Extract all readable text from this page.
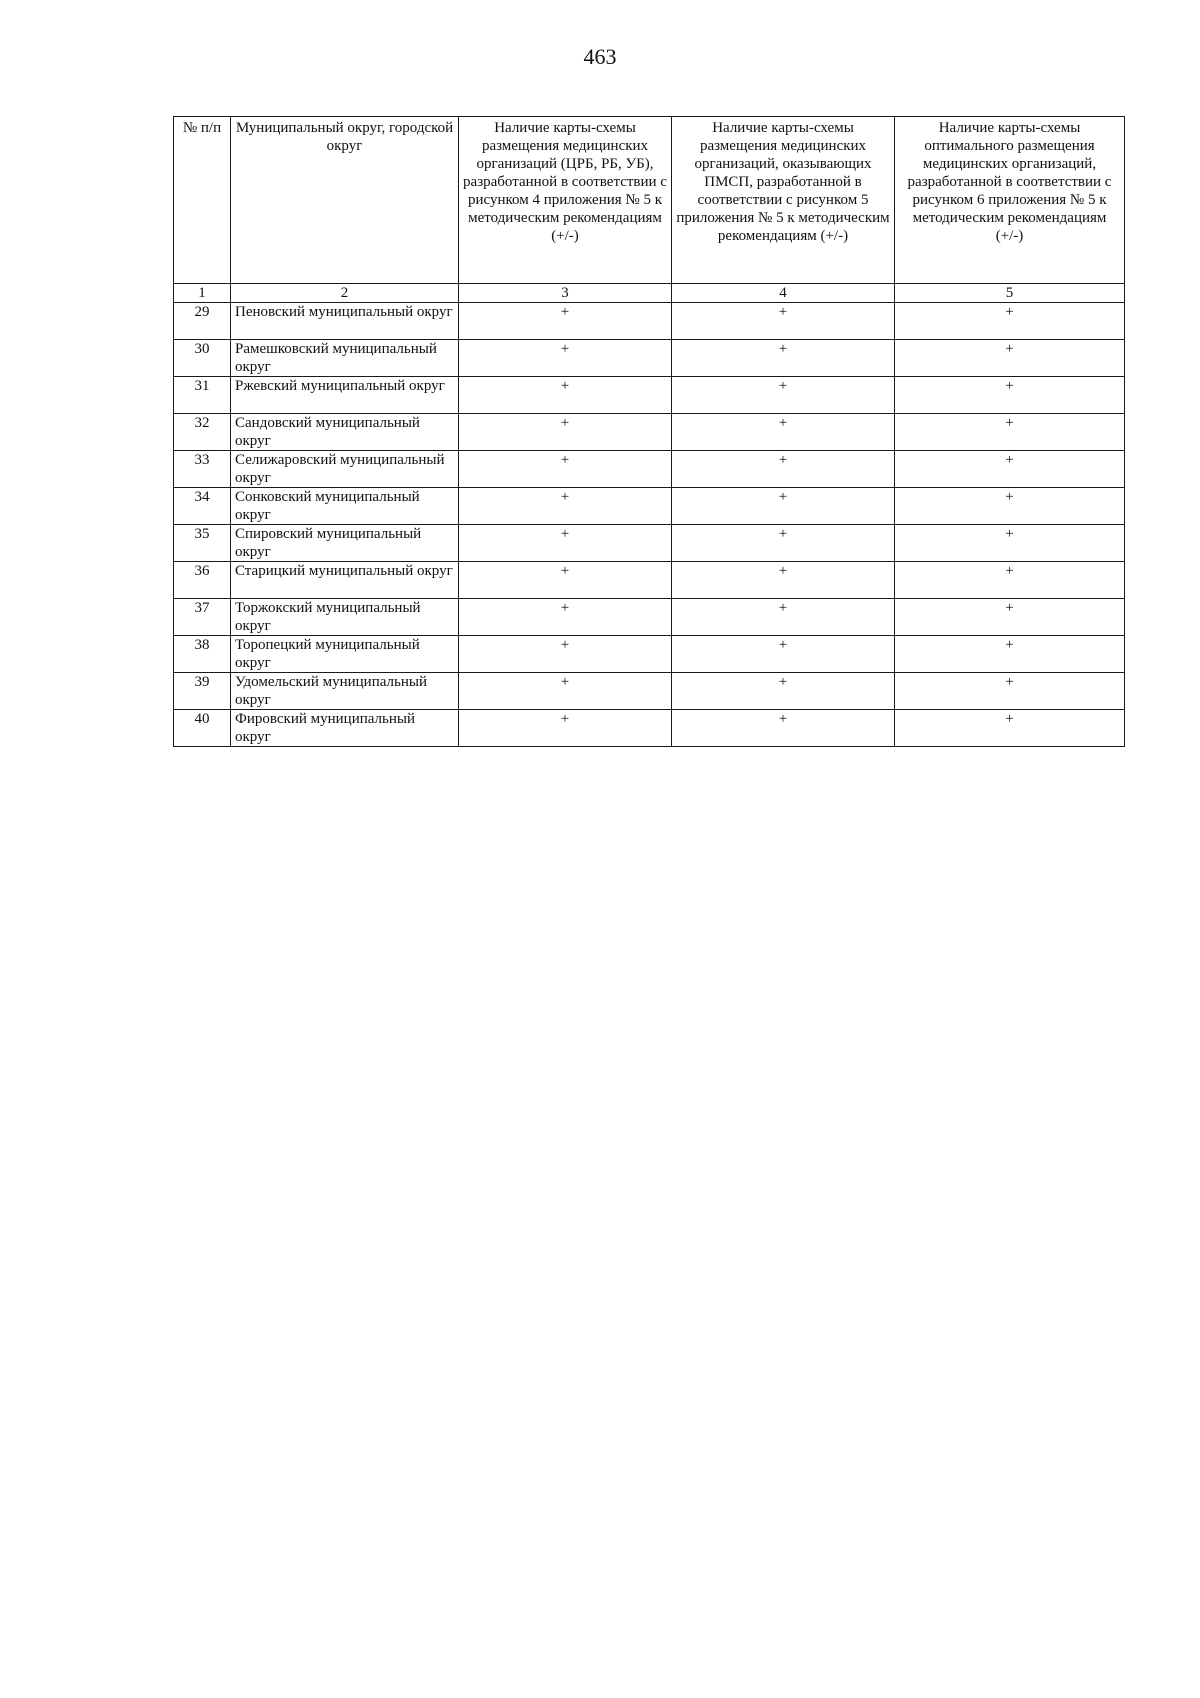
463
№ п/п	Муниципальный округ, городской округ	Наличие карты-схемы размещения медицинских организаций (ЦРБ, РБ, УБ), разработанной в соответствии с рисунком 4 приложения № 5 к методическим рекомендациям (+/-)	Наличие карты-схемы размещения медицинских организаций, оказывающих ПМСП, разработанной в соответствии с рисунком 5 приложения № 5 к методическим рекомендациям (+/-)	Наличие карты-схемы оптимального размещения медицинских организаций, разработанной в соответствии с рисунком 6 приложения № 5 к методическим рекомендациям (+/-)
1	2	3	4	5
29	Пеновский муниципальный округ	+	+	+
30	Рамешковский муниципальный округ	+	+	+
31	Ржевский муниципальный округ	+	+	+
32	Сандовский муниципальный округ	+	+	+
33	Селижаровский муниципальный округ	+	+	+
34	Сонковский муниципальный округ	+	+	+
35	Спировский муниципальный округ	+	+	+
36	Старицкий муниципальный округ	+	+	+
37	Торжокский муниципальный округ	+	+	+
38	Торопецкий муниципальный округ	+	+	+
39	Удомельский муниципальный округ	+	+	+
40	Фировский муниципальный округ	+	+	+
